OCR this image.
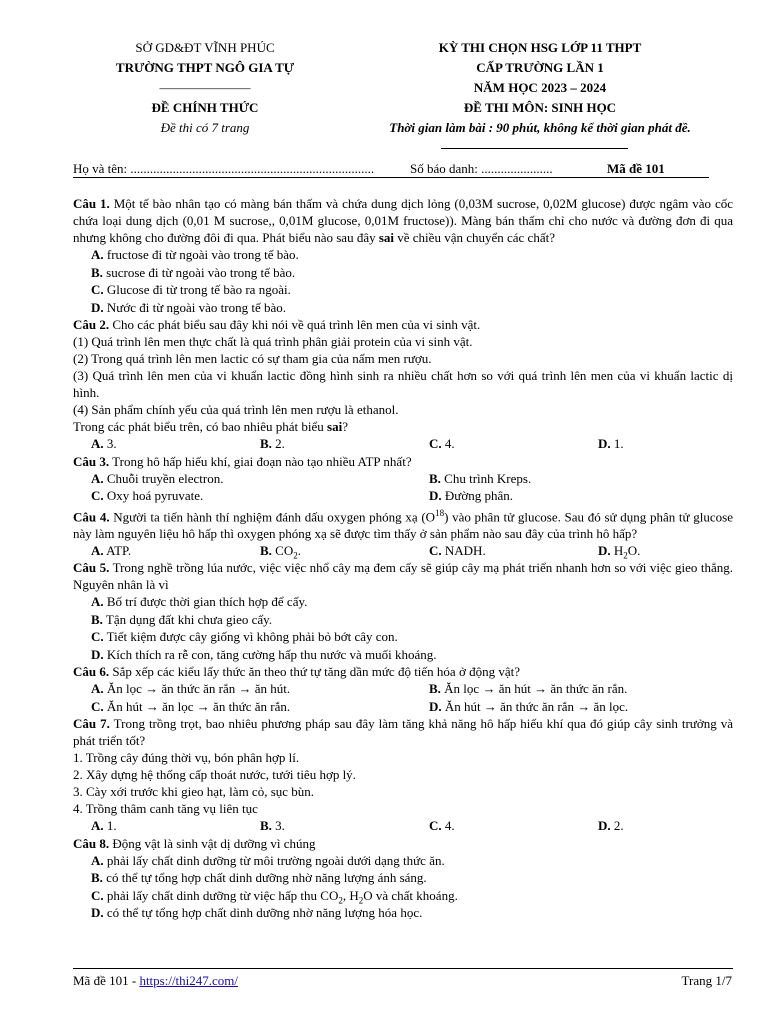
SỞ GD&ĐT VĨNH PHÚC
TRƯỜNG THPT NGÔ GIA TỰ
———————
ĐỀ CHÍNH THỨC
Đề thi có 7 trang
KỲ THI CHỌN HSG LỚP 11 THPT
CẤP TRƯỜNG LẦN 1
NĂM HỌC 2023 – 2024
ĐỀ THI MÔN: SINH HỌC
Thời gian làm bài : 90 phút, không kể thời gian phát đề.
Họ và tên: ...........................................................................	Số báo danh: ......................	Mã đề 101

Câu 1. Một tế bào nhân tạo có màng bán thấm và chứa dung dịch lỏng (0,03M sucrose, 0,02M glucose) được ngâm vào cốc chứa loại dung dịch (0,01 M sucrose,, 0,01M glucose, 0,01M fructose)). Màng bán thấm chỉ cho nước và đường đơn đi qua nhưng không cho đường đôi đi qua. Phát biểu nào sau đây sai về chiều vận chuyển các chất?

A. fructose đi từ ngoài vào trong tế bào.
B. sucrose đi từ ngoài vào trong tế bào.
C. Glucose đi từ trong tế bào ra ngoài.
D. Nước đi từ ngoài vào trong tế bào.

Câu 2. Cho các phát biểu sau đây khi nói về quá trình lên men của vi sinh vật.

(1) Quá trình lên men thực chất là quá trình phân giải protein của vi sinh vật.

(2) Trong quá trình lên men lactic có sự tham gia của nấm men rượu.

(3) Quá trình lên men của vi khuẩn lactic đồng hình sinh ra nhiều chất hơn so với quá trình lên men của vi khuẩn lactic dị hình.

(4) Sản phẩm chính yếu của quá trình lên men rượu là ethanol.

Trong các phát biểu trên, có bao nhiêu phát biểu sai?

A. 3.	B. 2.	C. 4.	D. 1.

Câu 3. Trong hô hấp hiếu khí, giai đoạn nào tạo nhiều ATP nhất?

A. Chuỗi truyền electron.	B. Chu trình Kreps.
C. Oxy hoá pyruvate.	D. Đường phân.

Câu 4. Người ta tiến hành thí nghiệm đánh dấu oxygen phóng xạ $(O^{18})$ vào phân tử glucose. Sau đó sử dụng phân tử glucose này làm nguyên liệu hô hấp thì oxygen phóng xạ sẽ được tìm thấy ở sản phẩm nào sau đây của trình hô hấp?

A. ATP.	B. $CO_2$.	C. NADH.	D. $H_2O$.

Câu 5. Trong nghề trồng lúa nước, việc việc nhổ cây mạ đem cấy sẽ giúp cây mạ phát triển nhanh hơn so với việc gieo thẳng. Nguyên nhân là vì

A. Bố trí được thời gian thích hợp để cấy.
B. Tận dụng đất khi chưa gieo cấy.
C. Tiết kiệm được cây giống vì không phải bỏ bớt cây con.
D. Kích thích ra rễ con, tăng cường hấp thu nước và muối khoáng.

Câu 6. Sắp xếp các kiểu lấy thức ăn theo thứ tự tăng dần mức độ tiến hóa ở động vật?

A. Ăn lọc → ăn thức ăn rắn → ăn hút.	B. Ăn lọc → ăn hút → ăn thức ăn rắn.
C. Ăn hút → ăn lọc → ăn thức ăn rắn.	D. Ăn hút → ăn thức ăn rắn → ăn lọc.

Câu 7. Trong trồng trọt, bao nhiêu phương pháp sau đây làm tăng khả năng hô hấp hiếu khí qua đó giúp cây sinh trưởng và phát triển tốt?

1. Trồng cây đúng thời vụ, bón phân hợp lí.

2. Xây dựng hệ thống cấp thoát nước, tưới tiêu hợp lý.

3. Cày xới trước khi gieo hạt, làm cỏ, sục bùn.

4. Trồng thâm canh tăng vụ liên tục

A. 1.	B. 3.	C. 4.	D. 2.

Câu 8. Động vật là sinh vật dị dưỡng vì chúng

A. phải lấy chất dinh dưỡng từ môi trường ngoài dưới dạng thức ăn.
B. có thể tự tổng hợp chất dinh dưỡng nhờ năng lượng ánh sáng.
C. phải lấy chất dinh dưỡng từ việc hấp thu $CO_2$, $H_2O$ và chất khoáng.
D. có thể tự tổng hợp chất dinh dưỡng nhờ năng lượng hóa học.
Mã đề 101 - https://thi247.com/	Trang 1/7
